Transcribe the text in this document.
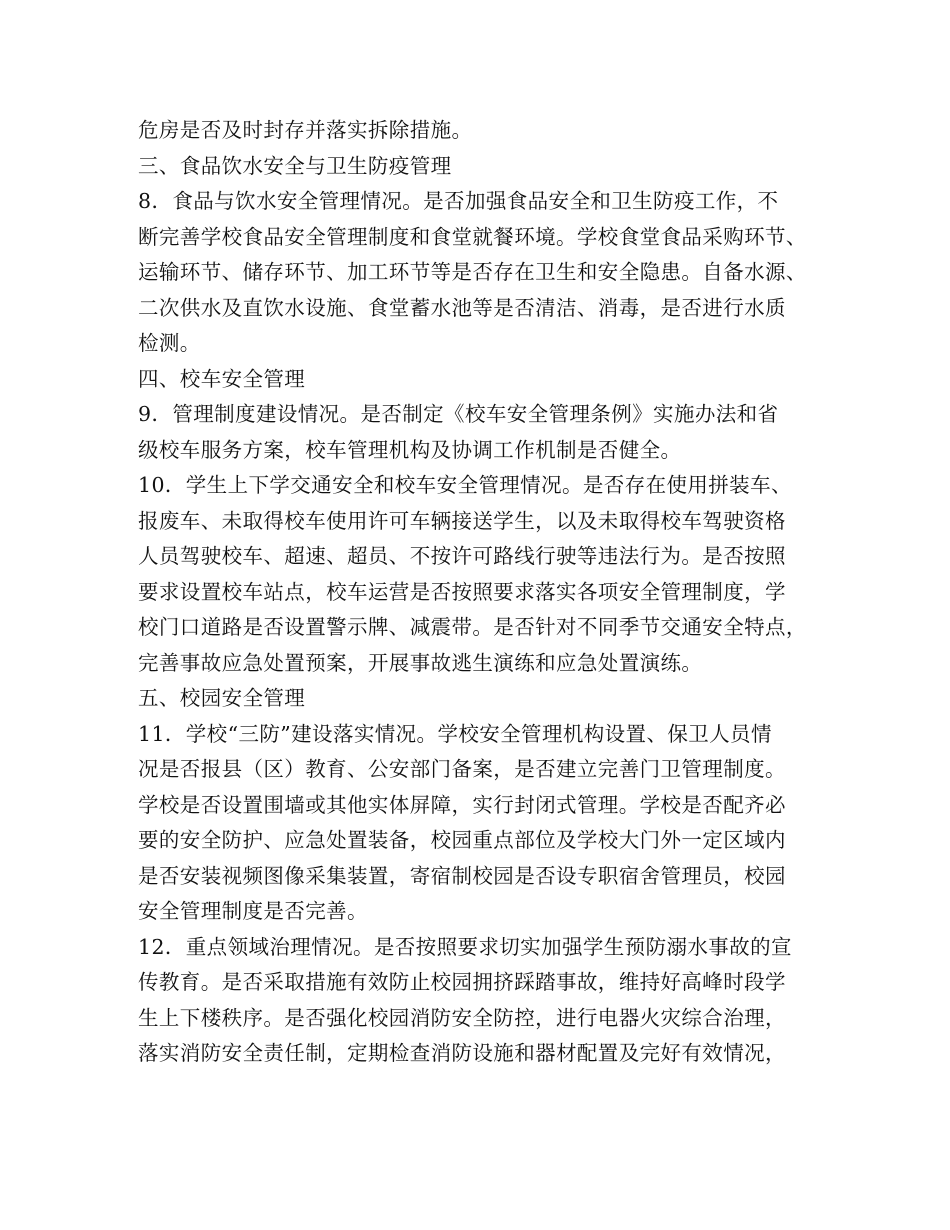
危房是否及时封存并落实拆除措施。
三、食品饮水安全与卫生防疫管理
8．食品与饮水安全管理情况。是否加强食品安全和卫生防疫工作，不
断完善学校食品安全管理制度和食堂就餐环境。学校食堂食品采购环节、
运输环节、储存环节、加工环节等是否存在卫生和安全隐患。自备水源、
二次供水及直饮水设施、食堂蓄水池等是否清洁、消毒，是否进行水质
检测。
四、校车安全管理
9．管理制度建设情况。是否制定《校车安全管理条例》实施办法和省
级校车服务方案，校车管理机构及协调工作机制是否健全。
10．学生上下学交通安全和校车安全管理情况。是否存在使用拼装车、
报废车、未取得校车使用许可车辆接送学生，以及未取得校车驾驶资格
人员驾驶校车、超速、超员、不按许可路线行驶等违法行为。是否按照
要求设置校车站点，校车运营是否按照要求落实各项安全管理制度，学
校门口道路是否设置警示牌、减震带。是否针对不同季节交通安全特点，
完善事故应急处置预案，开展事故逃生演练和应急处置演练。
五、校园安全管理
11．学校“三防”建设落实情况。学校安全管理机构设置、保卫人员情
况是否报县（区）教育、公安部门备案，是否建立完善门卫管理制度。
学校是否设置围墙或其他实体屏障，实行封闭式管理。学校是否配齐必
要的安全防护、应急处置装备，校园重点部位及学校大门外一定区域内
是否安装视频图像采集装置，寄宿制校园是否设专职宿舍管理员，校园
安全管理制度是否完善。
12．重点领域治理情况。是否按照要求切实加强学生预防溺水事故的宣
传教育。是否采取措施有效防止校园拥挤踩踏事故，维持好高峰时段学
生上下楼秩序。是否强化校园消防安全防控，进行电器火灾综合治理，
落实消防安全责任制，定期检查消防设施和器材配置及完好有效情况，
